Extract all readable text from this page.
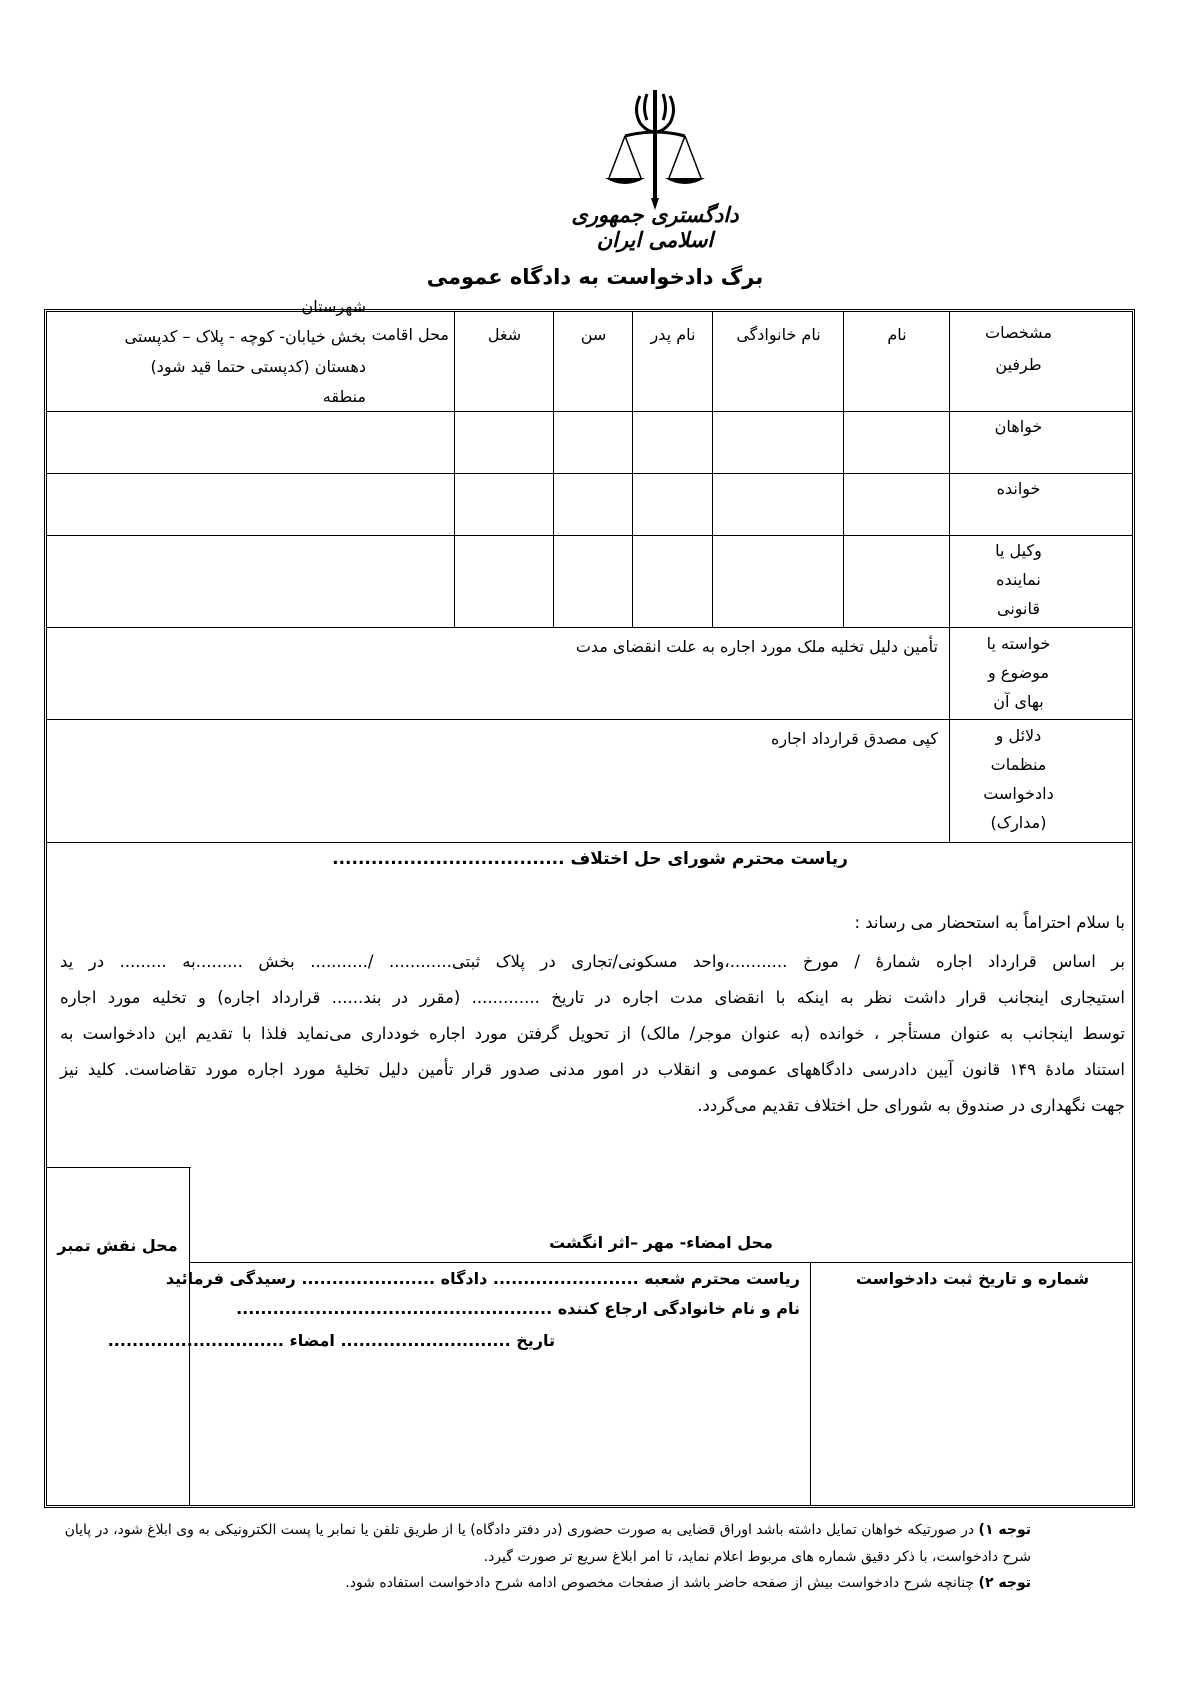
دادگستری جمهوری اسلامی ایران
برگ دادخواست به دادگاه عمومی
مشخصات
طرفین
نام
نام خانوادگی
نام پدر
سن
شغل
محل اقامت
شهرستان
بخش خیابان- کوچه - پلاک – کدپستی
دهستان (کدپستی حتما قید شود)
منطقه
خواهان
خوانده
وکیل یا
نماینده
قانونی
خواسته یا
موضوع و
بهای آن
تأمین دلیل تخلیه ملک مورد اجاره به علت انقضای مدت
دلائل و
منظمات
دادخواست
(مدارک)
کپی مصدق قرارداد اجاره
ریاست محترم شورای حل اختلاف ....................................
با سلام احتراماً به استحضار می رساند :
بر اساس قرارداد اجاره شمارهٔ / مورخ ...........،واحد مسکونی/تجاری در پلاک ثبتی............ /........... بخش .........به ......... در ید
استیجاری اینجانب قرار داشت نظر به اینکه با انقضای مدت اجاره در تاریخ ............. (مقرر در بند...... قرارداد اجاره) و تخلیه مورد اجاره
توسط اینجانب به عنوان مستأجر ، خوانده (به عنوان موجر/ مالک) از تحویل گرفتن مورد اجاره خودداری می‌نماید فلذا با تقدیم این دادخواست به
استناد مادهٔ ۱۴۹ قانون آیین دادرسی دادگاههای عمومی و انقلاب در امور مدنی صدور قرار تأمین دلیل تخلیهٔ مورد اجاره مورد تقاضاست. کلید نیز
جهت نگهداری در صندوق به شورای حل اختلاف تقدیم می‌گردد.
محل امضاء- مهر –اثر انگشت
محل نقش تمبر
شماره و تاریخ ثبت دادخواست
ریاست محترم شعبه ........................ دادگاه ...................... رسیدگی فرمائید
نام و نام خانوادگی ارجاع کننده ....................................................
تاریخ ............................ امضاء .............................
توجه ۱) در صورتیکه خواهان تمایل داشته باشد اوراق قضایی به صورت حضوری (در دفتر دادگاه) یا از طریق تلفن یا نمابر یا پست الکترونیکی به وی ابلاغ شود، در پایان
شرح دادخواست، با ذکر دقیق شماره های مربوط اعلام نماید، تا امر ابلاغ سریع تر صورت گیرد.
توجه ۲) چنانچه شرح دادخواست بیش از صفحه حاضر باشد از صفحات مخصوص ادامه شرح دادخواست استفاده شود.
